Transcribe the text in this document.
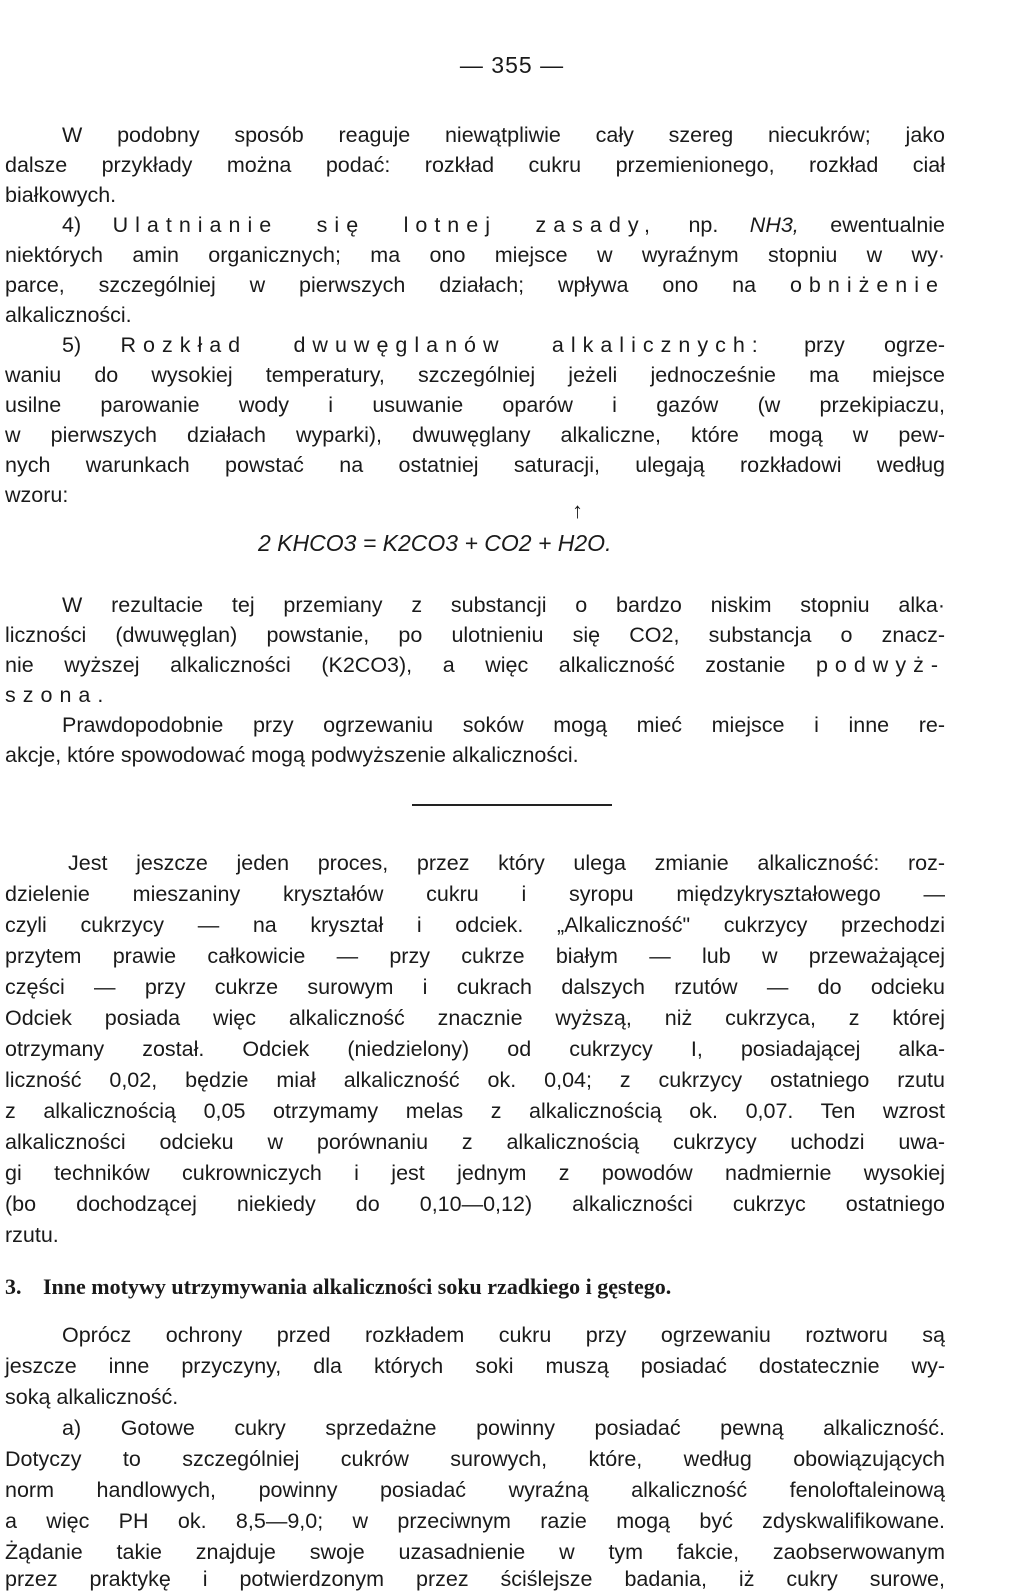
— 355 —
W podobny sposób reaguje niewątpliwie cały szereg niecukrów; jako
dalsze przykłady można podać: rozkład cukru przemienionego, rozkład ciał
białkowych.
4) Ulatnianie się lotnej zasady, np. NH3, ewentualnie
niektórych amin organicznych; ma ono miejsce w wyraźnym stopniu w wy·
parce, szczególniej w pierwszych działach; wpływa ono na obniżenie
alkaliczności.
5) Rozkład dwuwęglanów alkalicznych: przy ogrze-
waniu do wysokiej temperatury, szczególniej jeżeli jednocześnie ma miejsce
usilne parowanie wody i usuwanie oparów i gazów (w przekipiaczu,
w pierwszych działach wyparki), dwuwęglany alkaliczne, które mogą w pew-
nych warunkach powstać na ostatniej saturacji, ulegają rozkładowi według
wzoru:
↑
2 KHCO3 = K2CO3 + CO2 + H2O.
W rezultacie tej przemiany z substancji o bardzo niskim stopniu alka·
liczności (dwuwęglan) powstanie, po ulotnieniu się CO2, substancja o znacz-
nie wyższej alkaliczności (K2CO3), a więc alkaliczność zostanie podwyż-
szona.
Prawdopodobnie przy ogrzewaniu soków mogą mieć miejsce i inne re-
akcje, które spowodować mogą podwyższenie alkaliczności.
Jest jeszcze jeden proces, przez który ulega zmianie alkaliczność: roz-
dzielenie mieszaniny kryształów cukru i syropu międzykryształowego —
czyli cukrzycy — na kryształ i odciek. „Alkaliczność" cukrzycy przechodzi
przytem prawie całkowicie — przy cukrze białym — lub w przeważającej
części — przy cukrze surowym i cukrach dalszych rzutów — do odcieku
Odciek posiada więc alkaliczność znacznie wyższą, niż cukrzyca, z której
otrzymany został. Odciek (niedzielony) od cukrzycy I, posiadającej alka-
liczność 0,02, będzie miał alkaliczność ok. 0,04; z cukrzycy ostatniego rzutu
z alkalicznością 0,05 otrzymamy melas z alkalicznością ok. 0,07. Ten wzrost
alkaliczności odcieku w porównaniu z alkalicznością cukrzycy uchodzi uwa-
gi techników cukrowniczych i jest jednym z powodów nadmiernie wysokiej
(bo dochodzącej niekiedy do 0,10—0,12) alkaliczności cukrzyc ostatniego
rzutu.
3. Inne motywy utrzymywania alkaliczności soku rzadkiego i gęstego.
Oprócz ochrony przed rozkładem cukru przy ogrzewaniu roztworu są
jeszcze inne przyczyny, dla których soki muszą posiadać dostatecznie wy-
soką alkaliczność.
a) Gotowe cukry sprzedażne powinny posiadać pewną alkaliczność.
Dotyczy to szczególniej cukrów surowych, które, według obowiązujących
norm handlowych, powinny posiadać wyraźną alkaliczność fenoloftaleinową
a więc PH ok. 8,5—9,0; w przeciwnym razie mogą być zdyskwalifikowane.
Żądanie takie znajduje swoje uzasadnienie w tym fakcie, zaobserwowanym
przez praktykę i potwierdzonym przez ściślejsze badania, iż cukry surowe,
